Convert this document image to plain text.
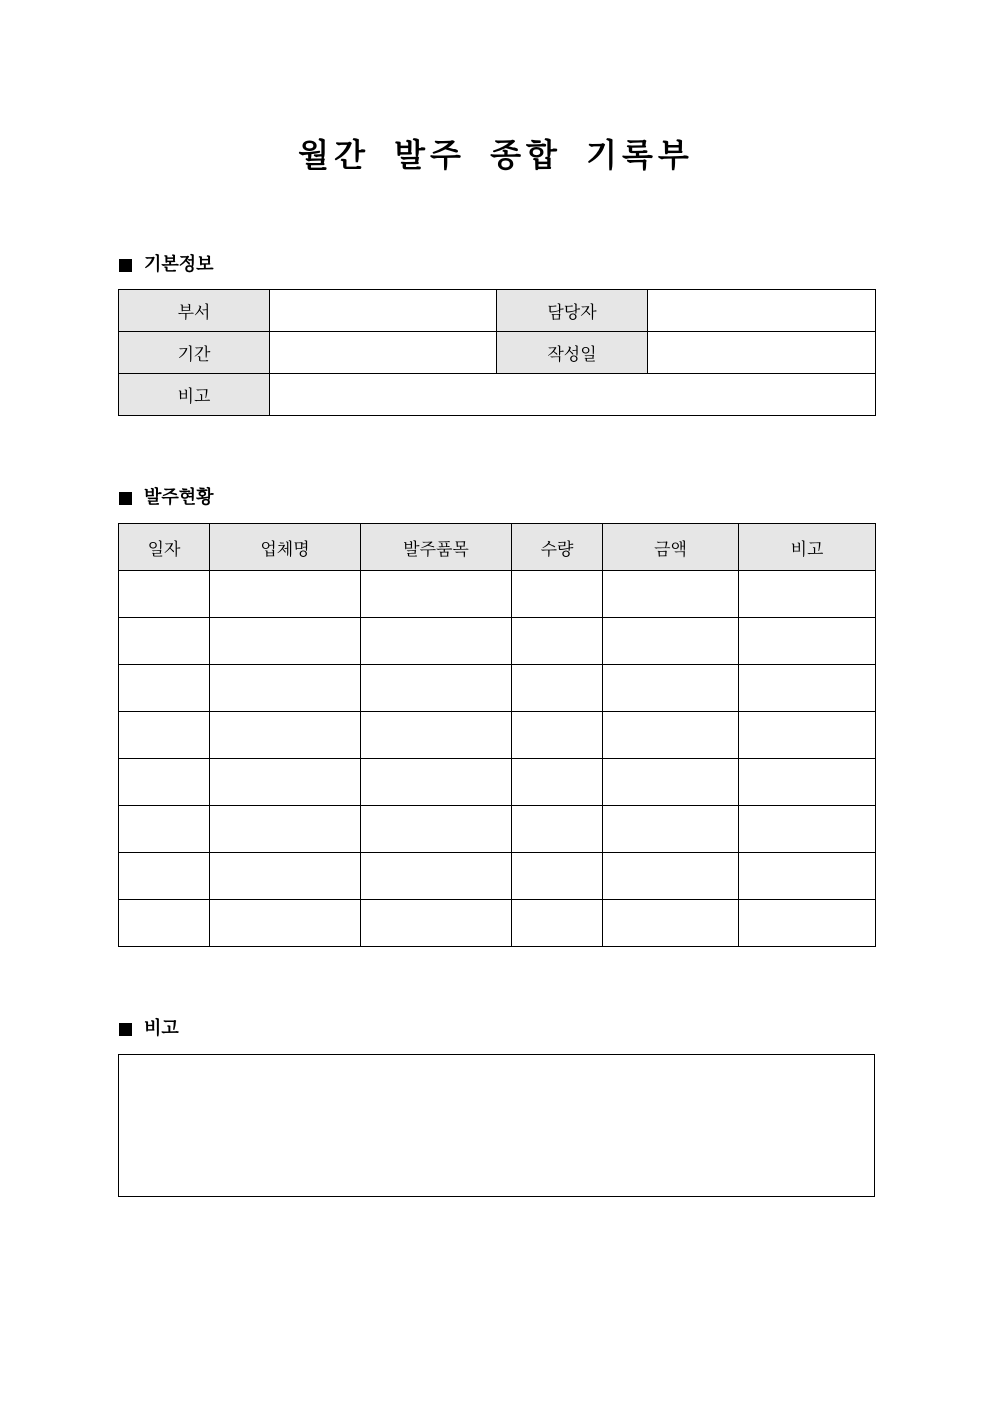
월간 발주 종합 기록부
기본정보
부서		담당자	
기간		작성일	
비고			
발주현황
일자	업체명	발주품목	수량	금액	비고

비고
